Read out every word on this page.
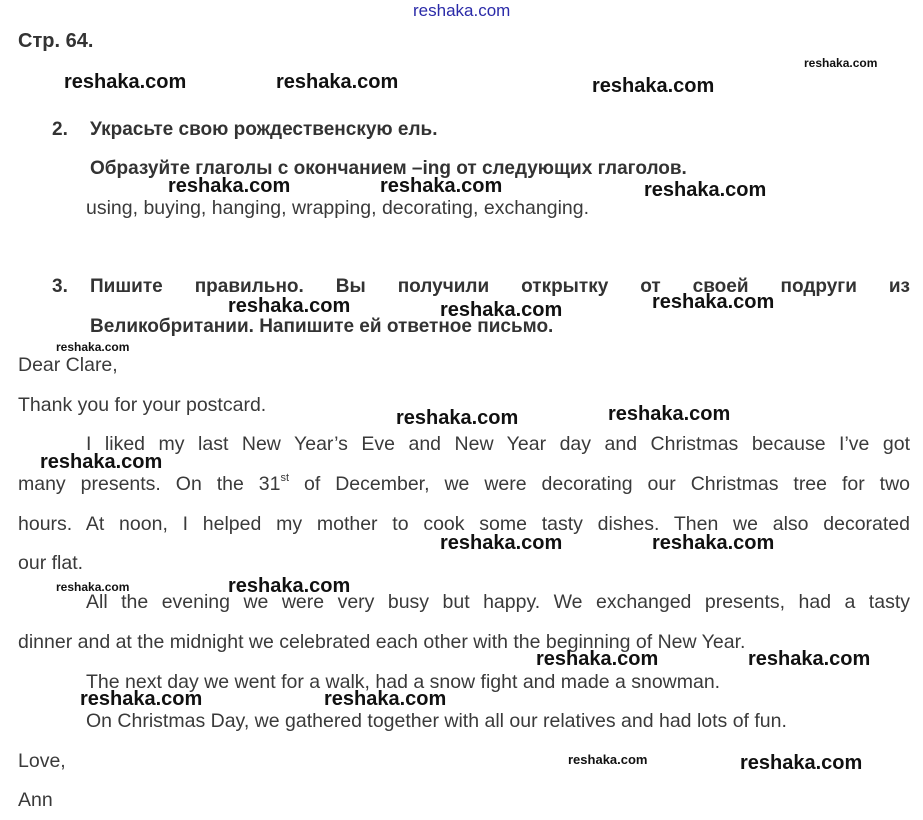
reshaka.com
Стр. 64.
2. Украсьте свою рождественскую ель.
Образуйте глаголы с окончанием –ing от следующих глаголов.
using, buying, hanging, wrapping, decorating, exchanging.
3. Пишите правильно. Вы получили открытку от своей подруги из
Великобритании. Напишите ей ответное письмо.
Dear Clare,
Thank you for your postcard.
I liked my last New Year’s Eve and New Year day and Christmas because I’ve got
many presents. On the 31st of December, we were decorating our Christmas tree for two
hours. At noon, I helped my mother to cook some tasty dishes. Then we also decorated
our flat.
All the evening we were very busy but happy. We exchanged presents, had a tasty
dinner and at the midnight we celebrated each other with the beginning of New Year.
The next day we went for a walk, had a snow fight and made a snowman.
On Christmas Day, we gathered together with all our relatives and had lots of fun.
Love,
Ann
reshaka.com
reshaka.com	reshaka.com	reshaka.com
reshaka.com	reshaka.com	reshaka.com
reshaka.com
reshaka.com	reshaka.com
reshaka.com
reshaka.com
reshaka.com
reshaka.com
reshaka.com	reshaka.com
reshaka.com	reshaka.com
reshaka.com	reshaka.com
reshaka.com	reshaka.com
reshaka.com	reshaka.com
